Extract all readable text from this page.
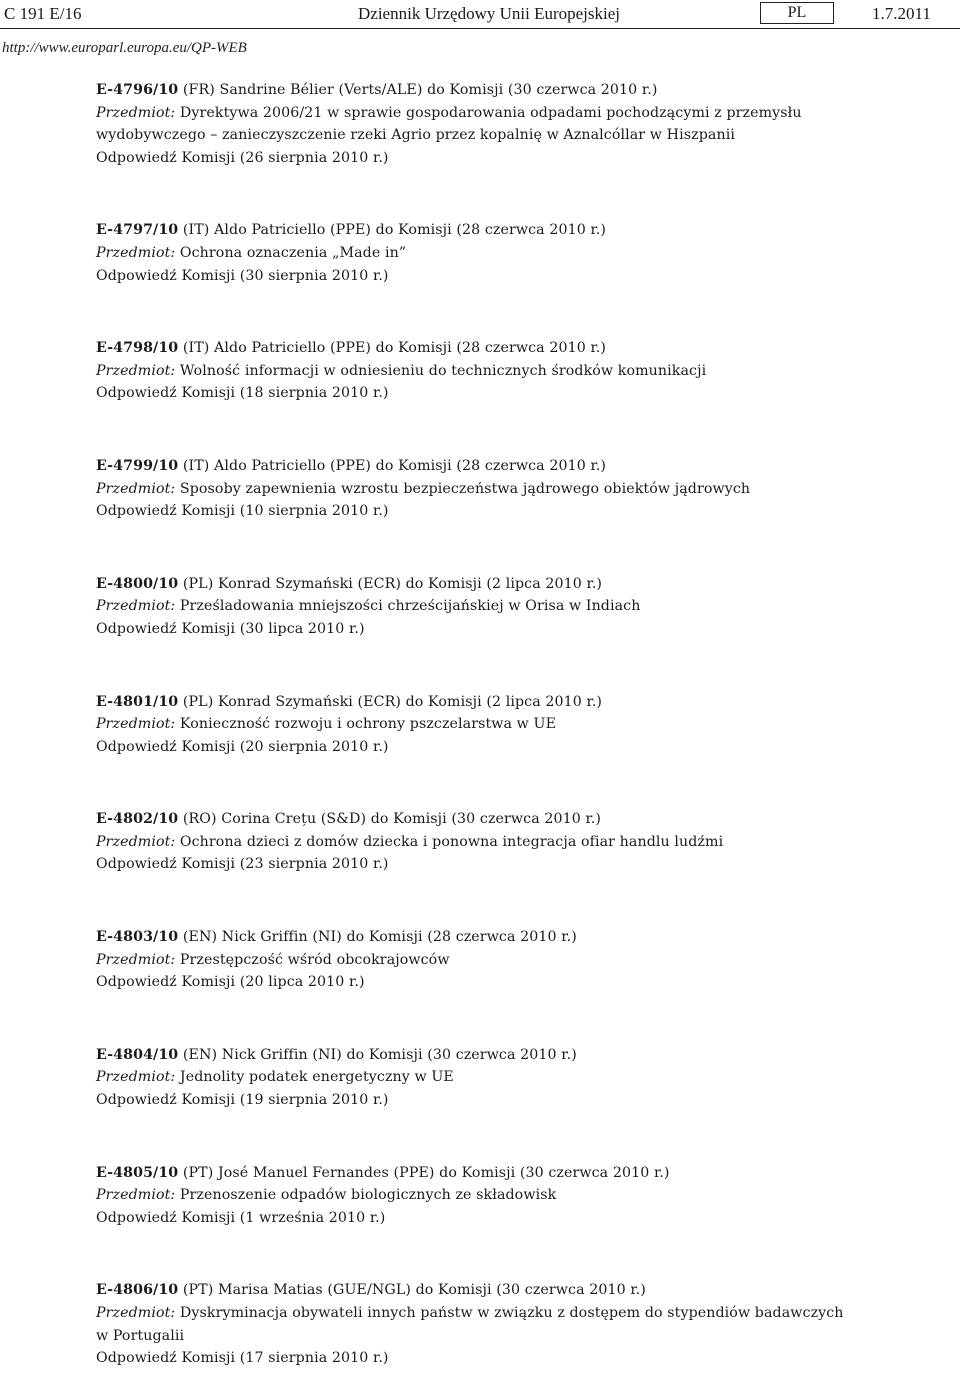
C 191 E/16	Dziennik Urzędowy Unii Europejskiej	PL	1.7.2011
http://www.europarl.europa.eu/QP-WEB

E-4796/10 (FR) Sandrine Bélier (Verts/ALE) do Komisji (30 czerwca 2010 r.)

Przedmiot: Dyrektywa 2006/21 w sprawie gospodarowania odpadami pochodzącymi z przemysłu

wydobywczego – zanieczyszczenie rzeki Agrio przez kopalnię w Aznalcóllar w Hiszpanii

Odpowiedź Komisji (26 sierpnia 2010 r.)

E-4797/10 (IT) Aldo Patriciello (PPE) do Komisji (28 czerwca 2010 r.)

Przedmiot: Ochrona oznaczenia „Made in”

Odpowiedź Komisji (30 sierpnia 2010 r.)

E-4798/10 (IT) Aldo Patriciello (PPE) do Komisji (28 czerwca 2010 r.)

Przedmiot: Wolność informacji w odniesieniu do technicznych środków komunikacji

Odpowiedź Komisji (18 sierpnia 2010 r.)

E-4799/10 (IT) Aldo Patriciello (PPE) do Komisji (28 czerwca 2010 r.)

Przedmiot: Sposoby zapewnienia wzrostu bezpieczeństwa jądrowego obiektów jądrowych

Odpowiedź Komisji (10 sierpnia 2010 r.)

E-4800/10 (PL) Konrad Szymański (ECR) do Komisji (2 lipca 2010 r.)

Przedmiot: Prześladowania mniejszości chrześcijańskiej w Orisa w Indiach

Odpowiedź Komisji (30 lipca 2010 r.)

E-4801/10 (PL) Konrad Szymański (ECR) do Komisji (2 lipca 2010 r.)

Przedmiot: Konieczność rozwoju i ochrony pszczelarstwa w UE

Odpowiedź Komisji (20 sierpnia 2010 r.)

E-4802/10 (RO) Corina Crețu (S&D) do Komisji (30 czerwca 2010 r.)

Przedmiot: Ochrona dzieci z domów dziecka i ponowna integracja ofiar handlu ludźmi

Odpowiedź Komisji (23 sierpnia 2010 r.)

E-4803/10 (EN) Nick Griffin (NI) do Komisji (28 czerwca 2010 r.)

Przedmiot: Przestępczość wśród obcokrajowców

Odpowiedź Komisji (20 lipca 2010 r.)

E-4804/10 (EN) Nick Griffin (NI) do Komisji (30 czerwca 2010 r.)

Przedmiot: Jednolity podatek energetyczny w UE

Odpowiedź Komisji (19 sierpnia 2010 r.)

E-4805/10 (PT) José Manuel Fernandes (PPE) do Komisji (30 czerwca 2010 r.)

Przedmiot: Przenoszenie odpadów biologicznych ze składowisk

Odpowiedź Komisji (1 września 2010 r.)

E-4806/10 (PT) Marisa Matias (GUE/NGL) do Komisji (30 czerwca 2010 r.)

Przedmiot: Dyskryminacja obywateli innych państw w związku z dostępem do stypendiów badawczych

w Portugalii

Odpowiedź Komisji (17 sierpnia 2010 r.)
